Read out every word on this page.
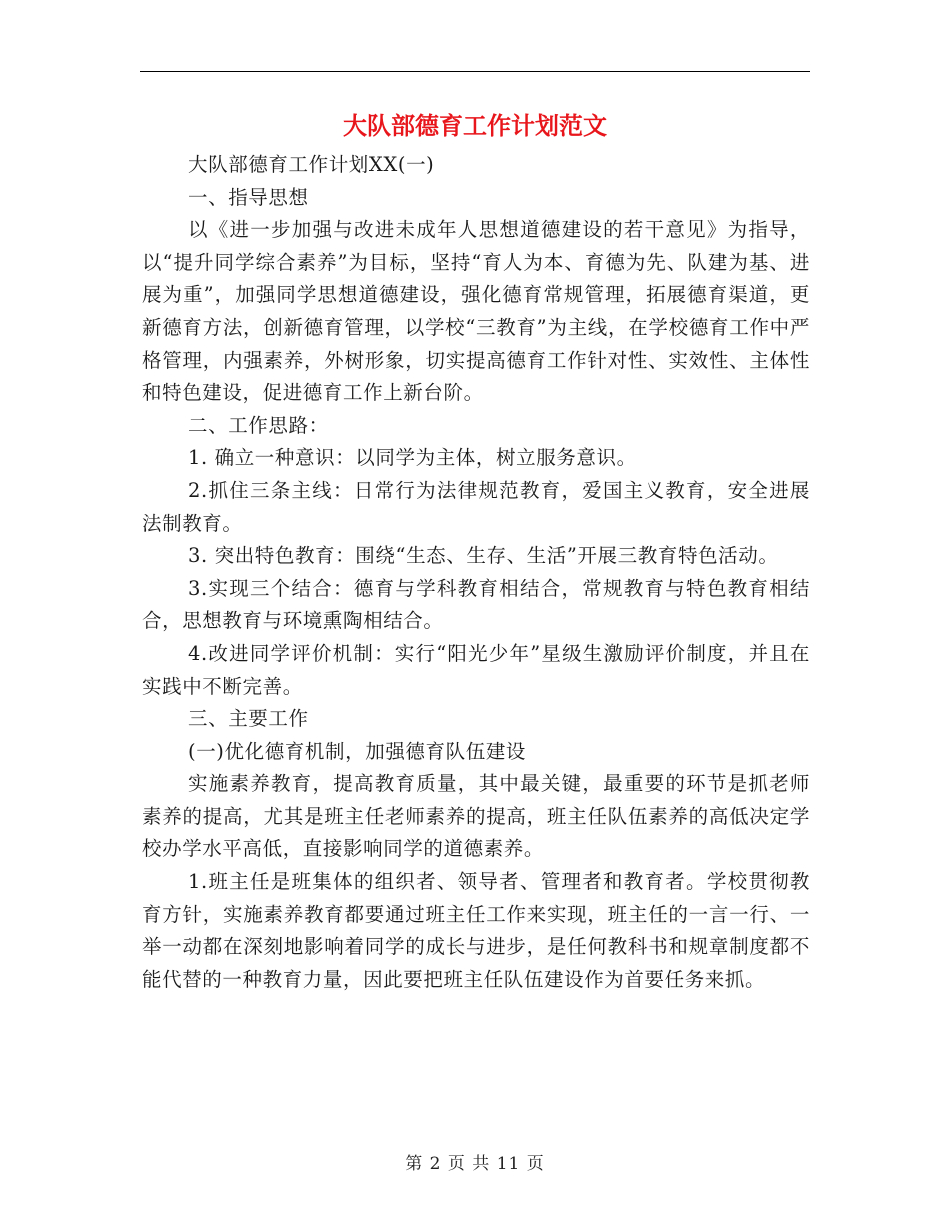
大队部德育工作计划范文

大队部德育工作计划XX(一)

一、指导思想

以《进一步加强与改进未成年人思想道德建设的若干意见》为指导，以“提升同学综合素养”为目标，坚持“育人为本、育德为先、队建为基、进展为重”，加强同学思想道德建设，强化德育常规管理，拓展德育渠道，更新德育方法，创新德育管理，以学校“三教育”为主线，在学校德育工作中严格管理，内强素养，外树形象，切实提高德育工作针对性、实效性、主体性和特色建设，促进德育工作上新台阶。

二、工作思路：

1. 确立一种意识：以同学为主体，树立服务意识。

2.抓住三条主线：日常行为法律规范教育，爱国主义教育，安全进展法制教育。

3. 突出特色教育：围绕“生态、生存、生活”开展三教育特色活动。

3.实现三个结合：德育与学科教育相结合，常规教育与特色教育相结合，思想教育与环境熏陶相结合。

4.改进同学评价机制：实行“阳光少年”星级生激励评价制度，并且在实践中不断完善。

三、主要工作

(一)优化德育机制，加强德育队伍建设

实施素养教育，提高教育质量，其中最关键，最重要的环节是抓老师素养的提高，尤其是班主任老师素养的提高，班主任队伍素养的高低决定学校办学水平高低，直接影响同学的道德素养。

1.班主任是班集体的组织者、领导者、管理者和教育者。学校贯彻教育方针，实施素养教育都要通过班主任工作来实现，班主任的一言一行、一举一动都在深刻地影响着同学的成长与进步，是任何教科书和规章制度都不能代替的一种教育力量，因此要把班主任队伍建设作为首要任务来抓。

第 2 页 共 11 页
